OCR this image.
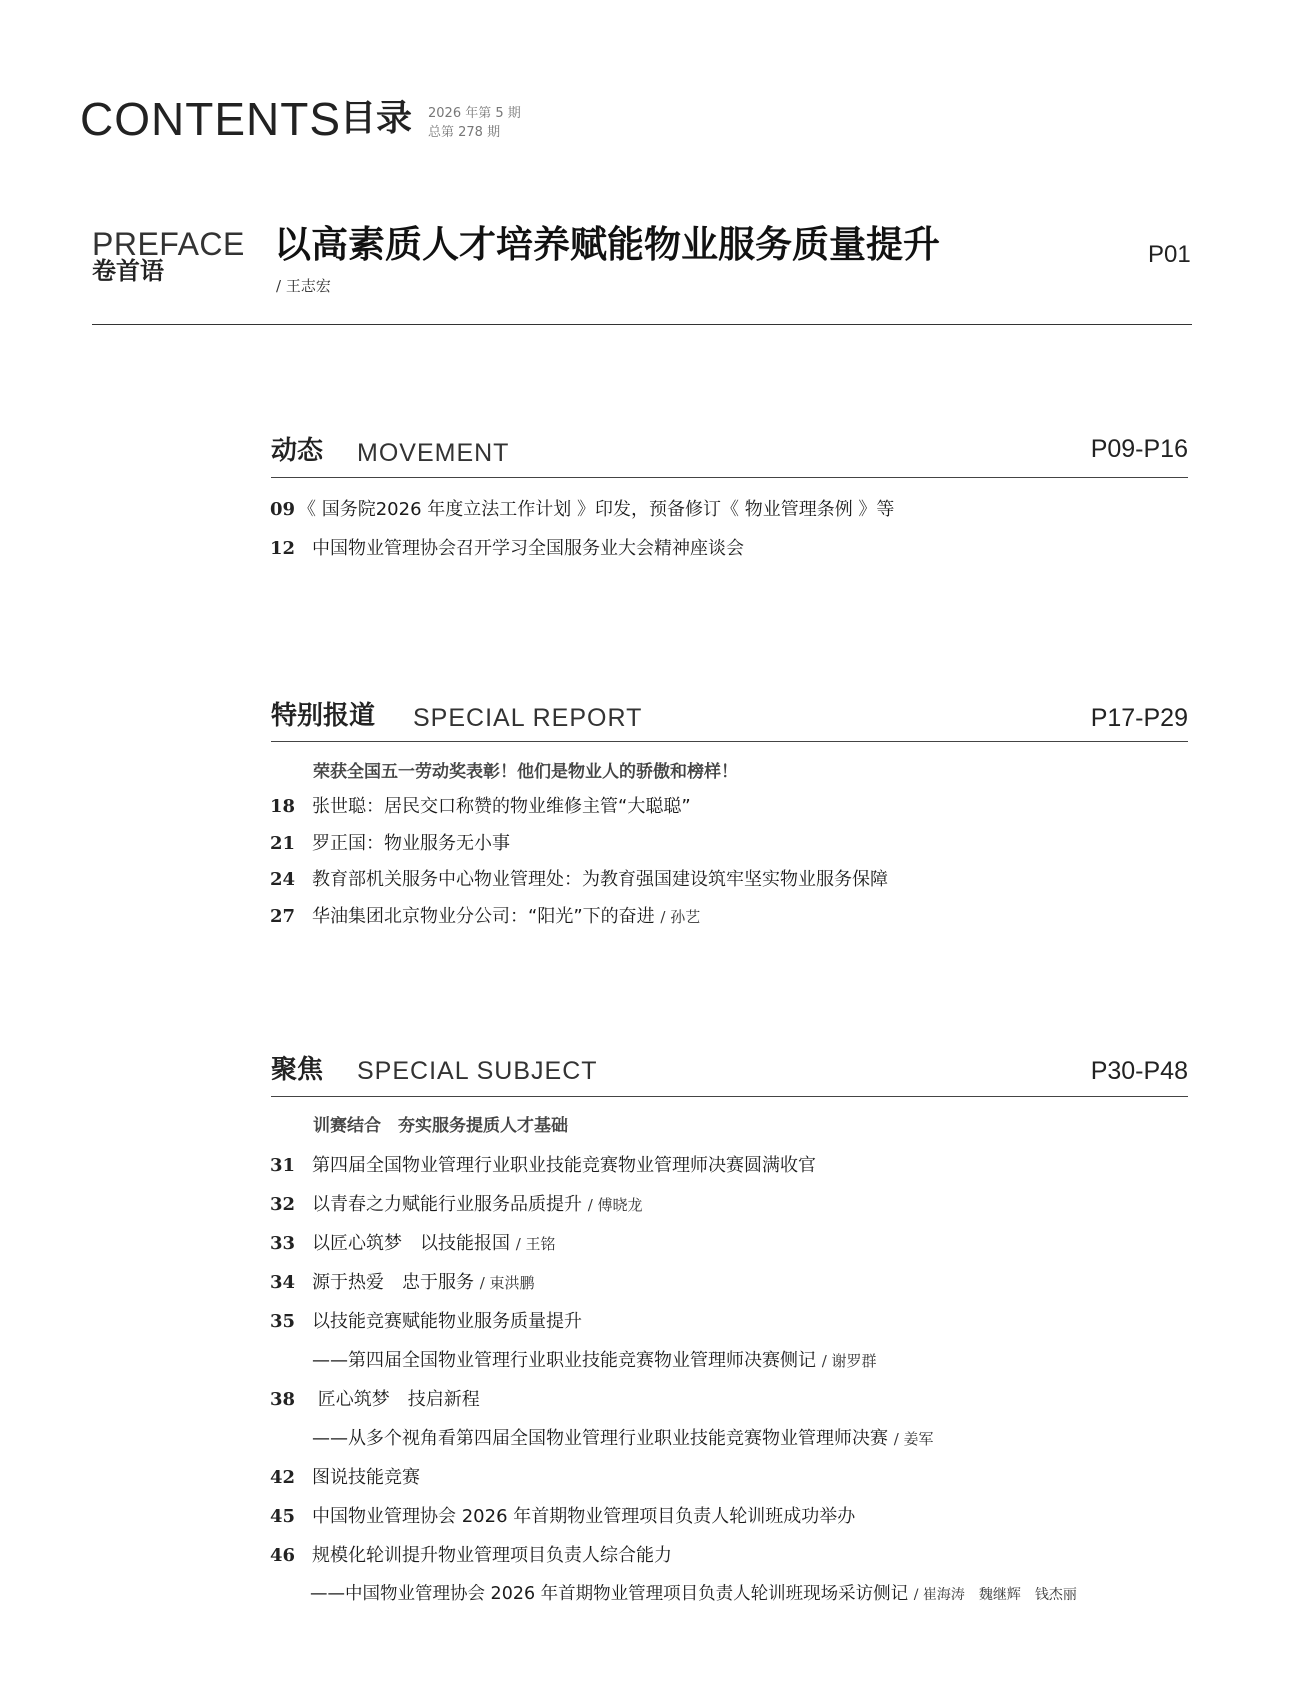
CONTENTS 目录 2026 年第 5 期
总第 278 期
PREFACE
卷首语
以高素质人才培养赋能物业服务质量提升
/ 王志宏
P01
动态 MOVEMENT	P09-P16
09 《 国务院2026 年度立法工作计划 》印发，预备修订《 物业管理条例 》等
12 中国物业管理协会召开学习全国服务业大会精神座谈会
特别报道 SPECIAL REPORT	P17-P29
荣获全国五一劳动奖表彰！他们是物业人的骄傲和榜样！
18 张世聪：居民交口称赞的物业维修主管“大聪聪”
21 罗正国：物业服务无小事
24 教育部机关服务中心物业管理处：为教育强国建设筑牢坚实物业服务保障
27 华油集团北京物业分公司：“阳光”下的奋进 / 孙艺
聚焦 SPECIAL SUBJECT	P30-P48
训赛结合　夯实服务提质人才基础
31 第四届全国物业管理行业职业技能竞赛物业管理师决赛圆满收官
32 以青春之力赋能行业服务品质提升 / 傅晓龙
33 以匠心筑梦　以技能报国 / 王铭
34 源于热爱　忠于服务 / 束洪鹏
35 以技能竞赛赋能物业服务质量提升
——第四届全国物业管理行业职业技能竞赛物业管理师决赛侧记 / 谢罗群
38 匠心筑梦　技启新程
——从多个视角看第四届全国物业管理行业职业技能竞赛物业管理师决赛 / 姜军
42 图说技能竞赛
45 中国物业管理协会 2026 年首期物业管理项目负责人轮训班成功举办
46 规模化轮训提升物业管理项目负责人综合能力
——中国物业管理协会 2026 年首期物业管理项目负责人轮训班现场采访侧记 / 崔海涛　魏继辉　钱杰丽
